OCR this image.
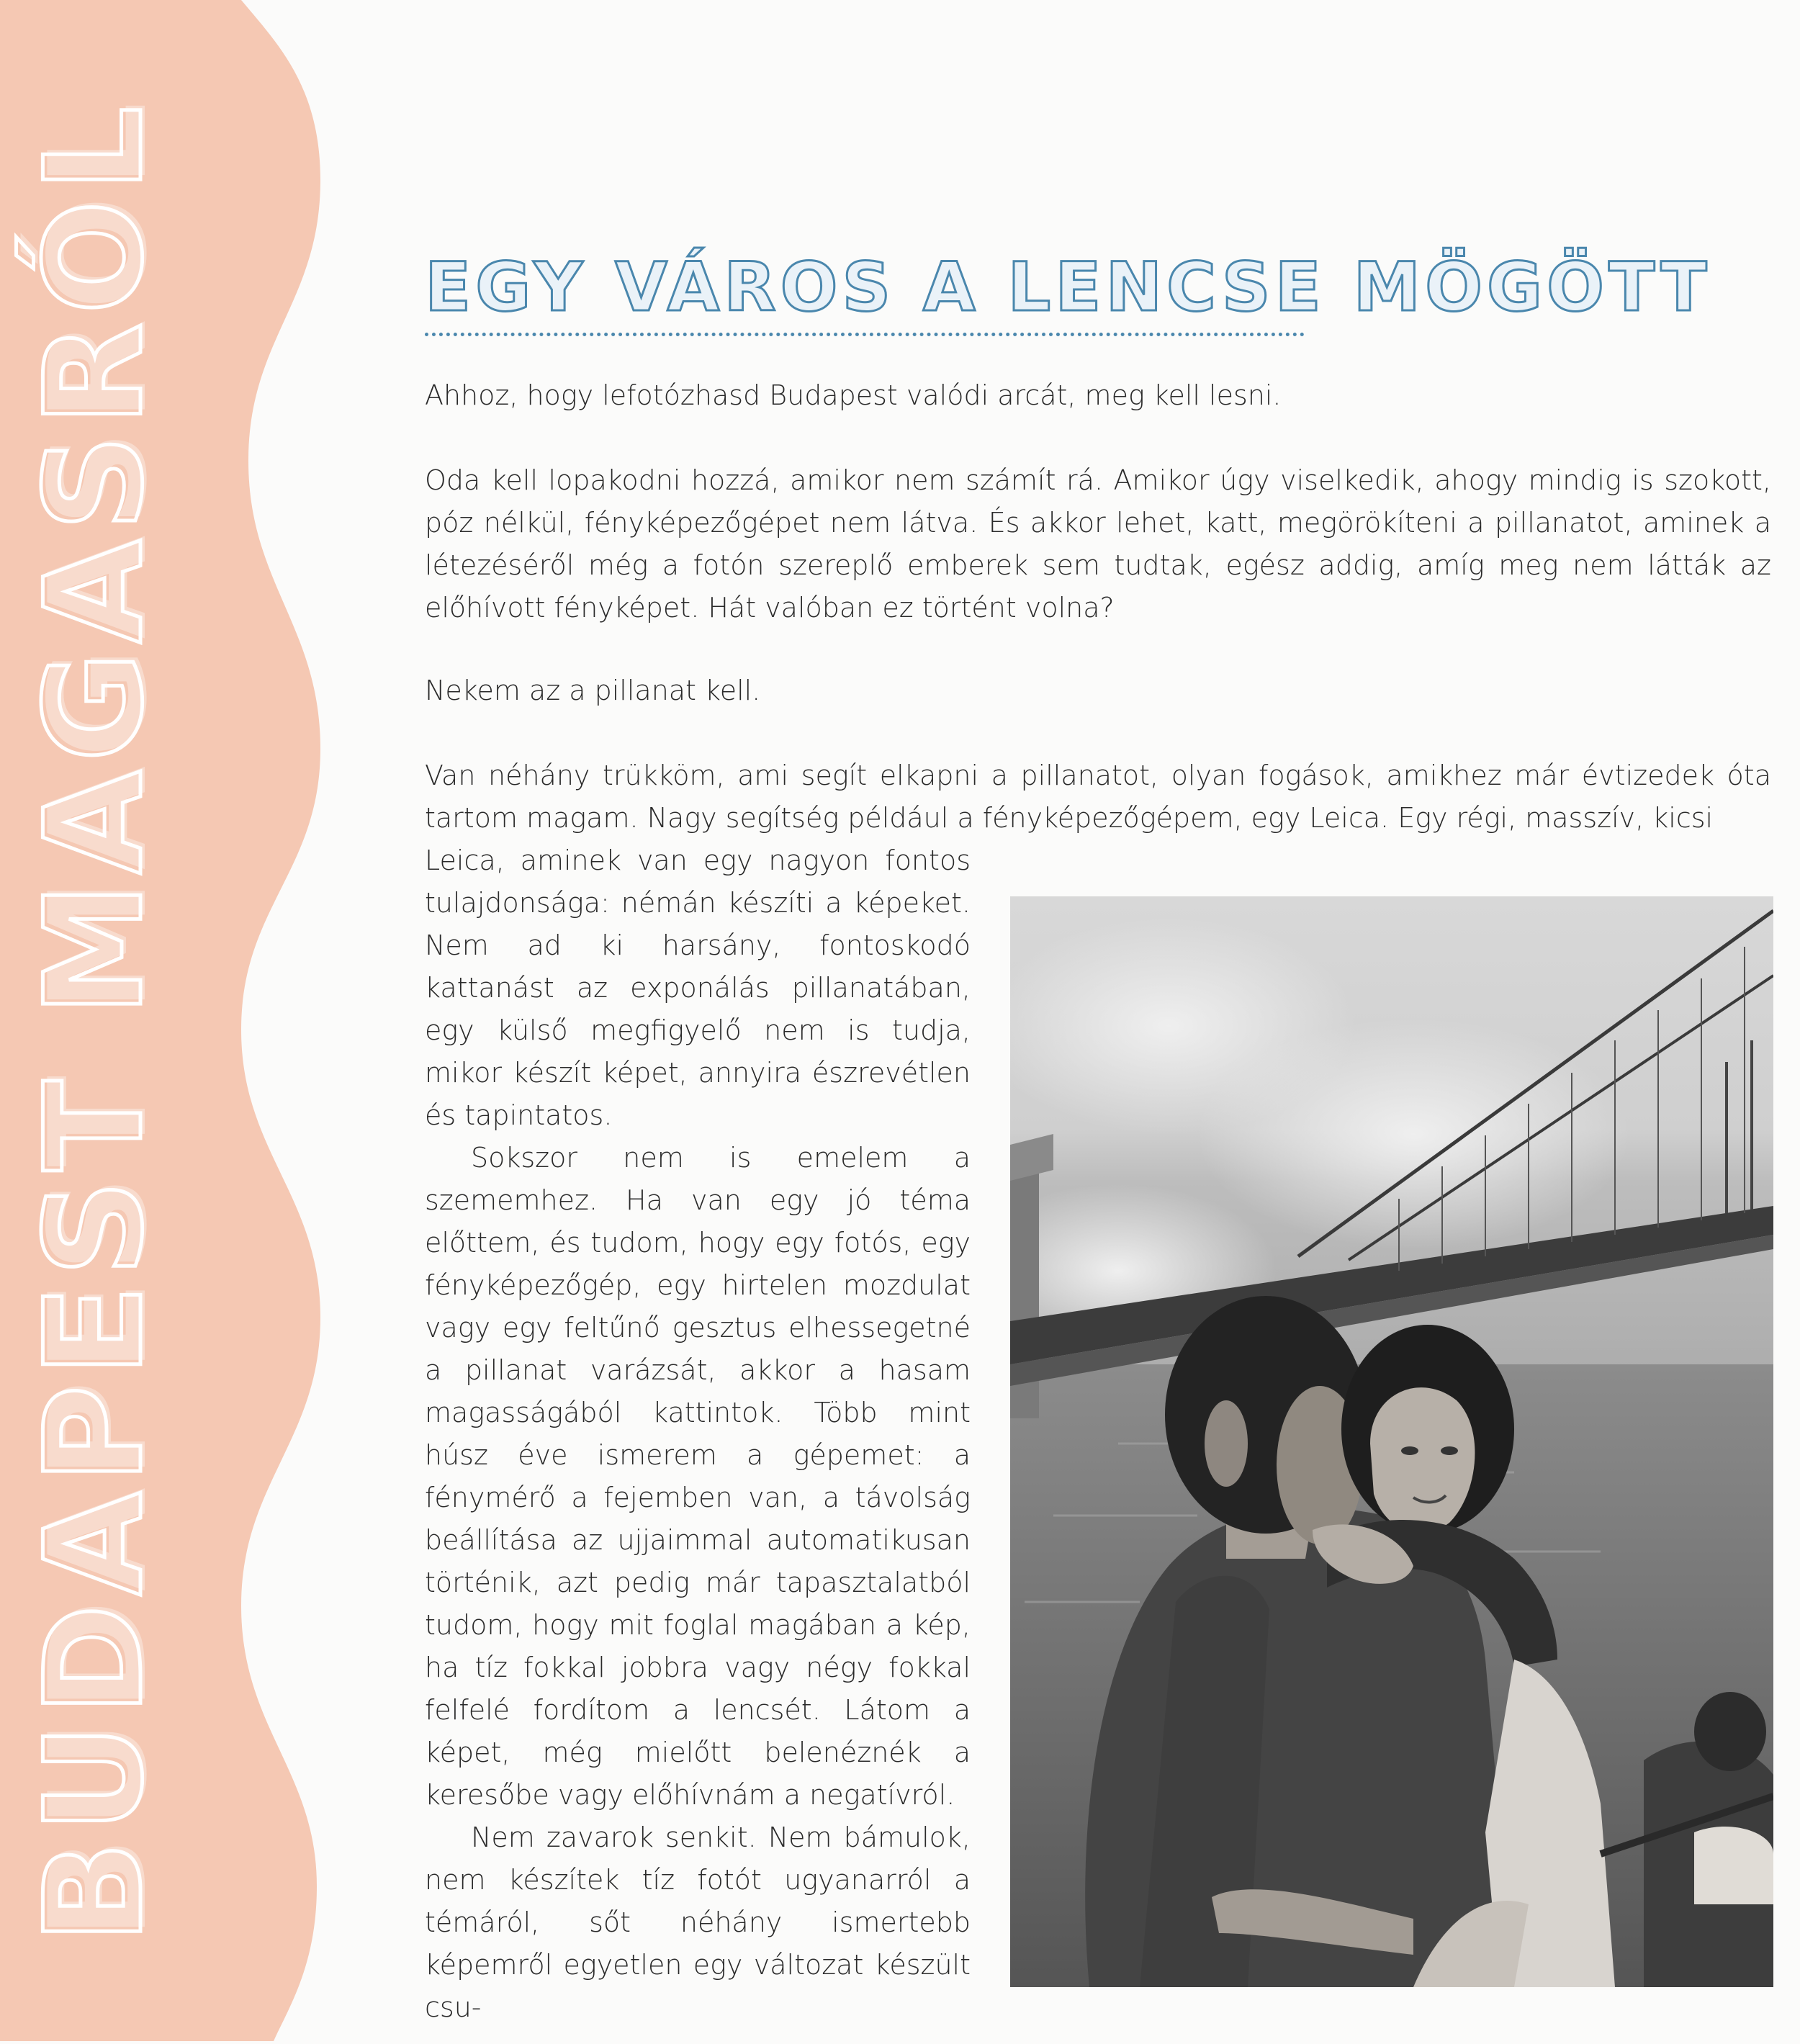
BUDAPEST MAGASRÓL	EGY VÁROS A LENCSE MÖGÖTT

Ahhoz, hogy lefotózhasd Budapest valódi arcát, meg kell lesni.

Oda kell lopakodni hozzá, amikor nem számít rá. Amikor úgy viselkedik, ahogy mindig is szokott, póz nélkül, fényképezőgépet nem látva. És akkor lehet, katt, megörökíteni a pillanatot, aminek a létezéséről még a fotón szereplő emberek sem tudtak, egész addig, amíg meg nem látták az előhívott fényképet. Hát valóban ez történt volna?

Nekem az a pillanat kell.

Van néhány trükköm, ami segít elkapni a pillanatot, olyan fogások, amikhez már évtizedek óta tartom magam. Nagy segítség például a fényképezőgépem, egy Leica. Egy régi, masszív, kicsi

Leica, aminek van egy nagyon fontos tulajdonsága: némán készíti a képeket. Nem ad ki harsány, fontoskodó kattanást az exponálás pillanatában, egy külső megfigyelő nem is tudja, mikor készít képet, annyira észrevétlen és tapintatos.

Sokszor nem is emelem a szememhez. Ha van egy jó téma előttem, és tudom, hogy egy fotós, egy fényképezőgép, egy hirtelen mozdulat vagy egy feltűnő gesztus elhessegetné a pillanat varázsát, akkor a hasam magasságából kattintok. Több mint húsz éve ismerem a gépemet: a fénymérő a fejemben van, a távolság beállítása az ujjaimmal automatikusan történik, azt pedig már tapasztalatból tudom, hogy mit foglal magában a kép, ha tíz fokkal jobbra vagy négy fokkal felfelé fordítom a lencsét. Látom a képet, még mielőtt belenéznék a keresőbe vagy előhívnám a negatívról.

Nem zavarok senkit. Nem bámulok, nem készítek tíz fotót ugyanarról a témáról, sőt néhány ismertebb képemről egyetlen egy változat készült csu-
